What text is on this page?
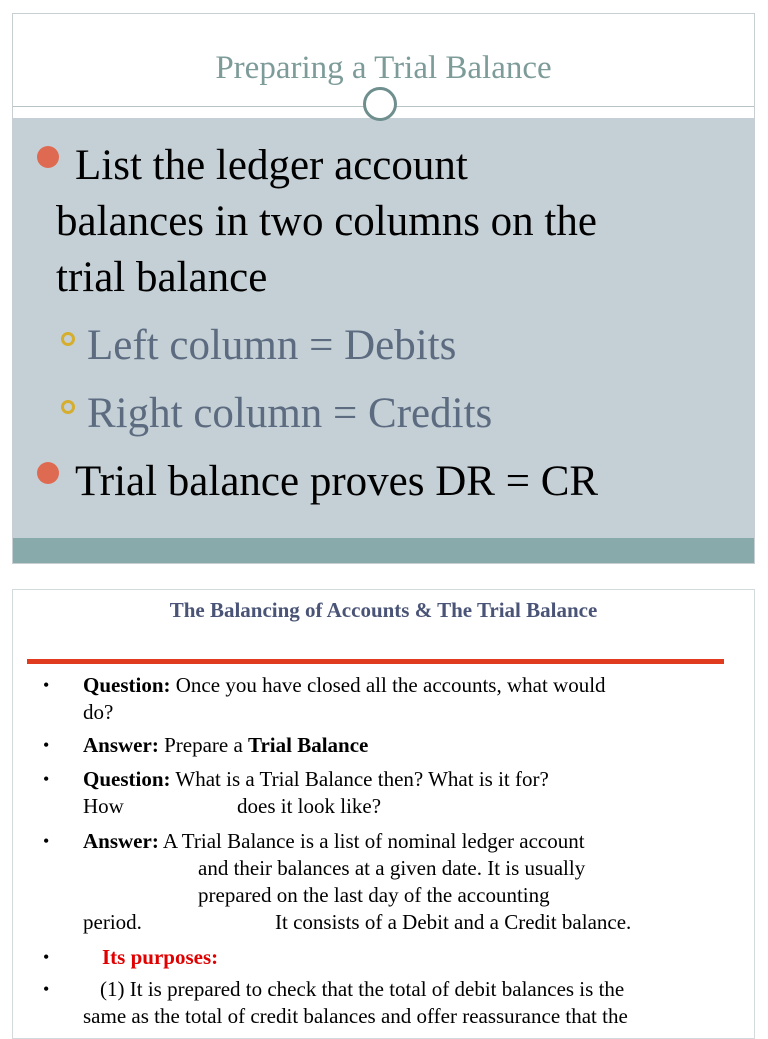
Preparing a Trial Balance
List the ledger account
balances in two columns on the
trial balance
Left column = Debits
Right column = Credits
Trial balance proves DR = CR
The Balancing of Accounts & The Trial Balance
• Question: Once you have closed all the accounts, what would
do?
• Answer: Prepare a Trial Balance
• Question: What is a Trial Balance then? What is it for?
How	does it look like?
• Answer: A Trial Balance is a list of nominal ledger account
and their balances at a given date. It is usually
prepared on the last day of the accounting
period.	It consists of a Debit and a Credit balance.
•	Its purposes:
• (1) It is prepared to check that the total of debit balances is the
same as the total of credit balances and offer reassurance that the
